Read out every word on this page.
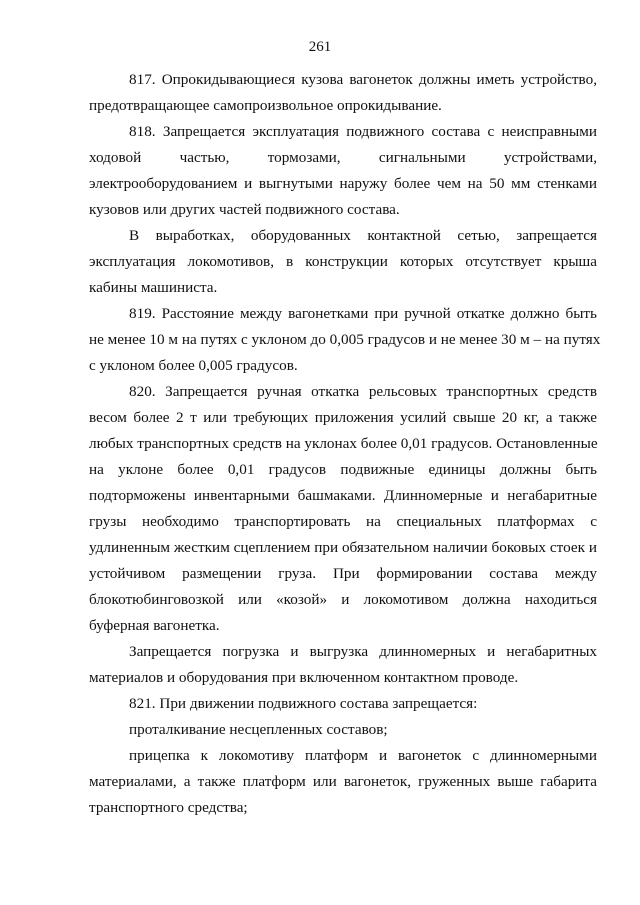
261

817. Опрокидывающиеся кузова вагонеток должны иметь устройство,
предотвращающее самопроизвольное опрокидывание.

818. Запрещается эксплуатация подвижного состава с неисправными
ходовой частью, тормозами, сигнальными устройствами,
электрооборудованием и выгнутыми наружу более чем на 50 мм стенками
кузовов или других частей подвижного состава.

В выработках, оборудованных контактной сетью, запрещается
эксплуатация локомотивов, в конструкции которых отсутствует крыша
кабины машиниста.

819. Расстояние между вагонетками при ручной откатке должно быть
не менее 10 м на путях с уклоном до 0,005 градусов и не менее 30 м – на путях
с уклоном более 0,005 градусов.

820. Запрещается ручная откатка рельсовых транспортных средств
весом более 2 т или требующих приложения усилий свыше 20 кг, а также
любых транспортных средств на уклонах более 0,01 градусов. Остановленные
на уклоне более 0,01 градусов подвижные единицы должны быть
подторможены инвентарными башмаками. Длинномерные и негабаритные
грузы необходимо транспортировать на специальных платформах с
удлиненным жестким сцеплением при обязательном наличии боковых стоек и
устойчивом размещении груза. При формировании состава между
блокотюбинговозкой или «козой» и локомотивом должна находиться
буферная вагонетка.

Запрещается погрузка и выгрузка длинномерных и негабаритных
материалов и оборудования при включенном контактном проводе.

821. При движении подвижного состава запрещается:

проталкивание несцепленных составов;

прицепка к локомотиву платформ и вагонеток с длинномерными
материалами, а также платформ или вагонеток, груженных выше габарита
транспортного средства;
